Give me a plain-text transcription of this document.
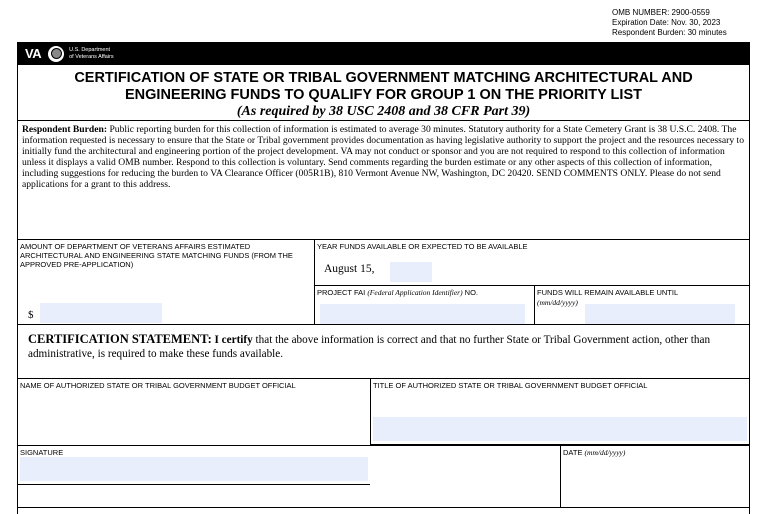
OMB NUMBER: 2900-0559
Expiration Date: Nov. 30, 2023
Respondent Burden: 30 minutes
VA	U.S. Department
of Veterans Affairs
CERTIFICATION OF STATE OR TRIBAL GOVERNMENT MATCHING ARCHITECTURAL AND
ENGINEERING FUNDS TO QUALIFY FOR GROUP 1 ON THE PRIORITY LIST
(As required by 38 USC 2408 and 38 CFR Part 39)
Respondent Burden: Public reporting burden for this collection of information is estimated to average 30 minutes. Statutory authority for a State Cemetery Grant is 38 U.S.C. 2408. The information requested is necessary to ensure that the State or Tribal government provides documentation as having legislative authority to support the project and the resources necessary to initially fund the architectural and engineering portion of the project development. VA may not conduct or sponsor and you are not required to respond to this collection of information unless it displays a valid OMB number. Respond to this collection is voluntary. Send comments regarding the burden estimate or any other aspects of this collection of information, including suggestions for reducing the burden to VA Clearance Officer (005R1B), 810 Vermont Avenue NW, Washington, DC 20420. SEND COMMENTS ONLY. Please do not send applications for a grant to this address.
AMOUNT OF DEPARTMENT OF VETERANS AFFAIRS ESTIMATED ARCHITECTURAL AND ENGINEERING STATE MATCHING FUNDS (FROM THE APPROVED PRE-APPLICATION)
$
YEAR FUNDS AVAILABLE OR EXPECTED TO BE AVAILABLE
August 15,
PROJECT FAI (Federal Application Identifier) NO.	FUNDS WILL REMAIN AVAILABLE UNTIL
(mm/dd/yyyy)
CERTIFICATION STATEMENT: I certify that the above information is correct and that no further State or Tribal Government action, other than administrative, is required to make these funds available.
NAME OF AUTHORIZED STATE OR TRIBAL GOVERNMENT BUDGET OFFICIAL	TITLE OF AUTHORIZED STATE OR TRIBAL GOVERNMENT BUDGET OFFICIAL
SIGNATURE	DATE (mm/dd/yyyy)
